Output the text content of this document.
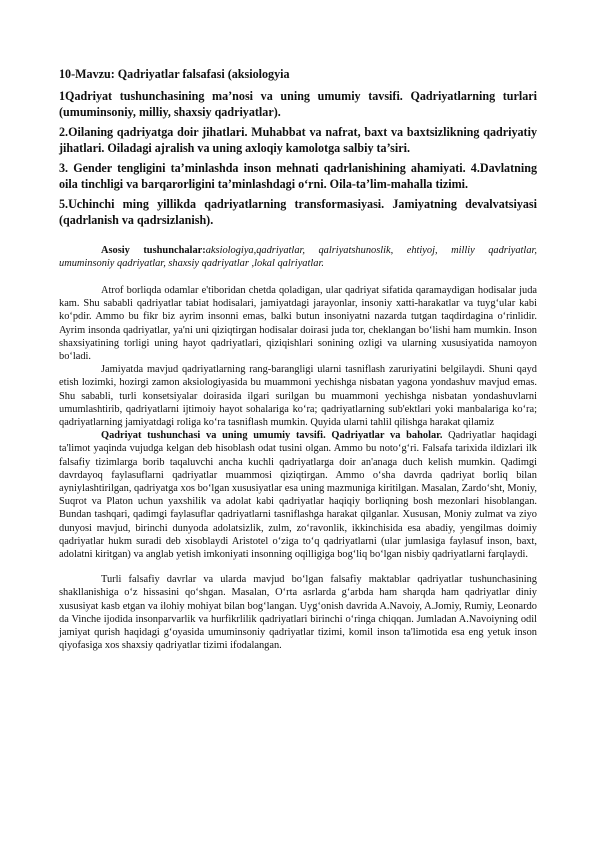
10-Mavzu: Qadriyatlar falsafasi (aksiologyia

1Qadriyat tushunchasining ma’nosi va uning umumiy tavsifi. Qadriyatlarning turlari (umuminsoniy, milliy, shaxsiy qadriyatlar).

2.Oilaning qadriyatga doir jihatlari. Muhabbat va nafrat, baxt va baxtsizlikning qadriyatiy jihatlari. Oiladagi ajralish va uning axloqiy kamolotga salbiy ta’siri.

3. Gender tengligini ta’minlashda inson mehnati qadrlanishining ahamiyati. 4.Davlatning oila tinchligi va barqarorligini ta’minlashdagi o‘rni. Oila-ta’lim-mahalla tizimi.

5.Uchinchi ming yillikda qadriyatlarning transformasiyasi. Jamiyatning devalvatsiyasi (qadrlanish va qadrsizlanish).

Asosiy tushunchalar:aksiologiya,qadriyatlar, qalriyatshunoslik, ehtiyoj, milliy qadriyatlar, umuminsoniy qadriyatlar, shaxsiy qadriyatlar ,lokal qalriyatlar.

Atrof borliqda odamlar e'tiboridan chetda qoladigan, ular qadriyat sifatida qaramaydigan hodisalar juda kam. Shu sababli qadriyatlar tabiat hodisalari, jamiyatdagi jarayonlar, insoniy xatti-harakatlar va tuyg‘ular kabi ko‘pdir. Ammo bu fikr biz ayrim insonni emas, balki butun insoniyatni nazarda tutgan taqdirdagina o‘rinlidir. Ayrim insonda qadriyatlar, ya'ni uni qiziqtirgan hodisalar doirasi juda tor, cheklangan bo‘lishi ham mumkin. Inson shaxsiyatining torligi uning hayot qadriyatlari, qiziqishlari sonining ozligi va ularning xususiyatida namoyon bo‘ladi.

Jamiyatda mavjud qadriyatlarning rang-barangligi ularni tasniflash zaruriyatini belgilaydi. Shuni qayd etish lozimki, hozirgi zamon aksiologiyasida bu muammoni yechishga nisbatan yagona yondashuv mavjud emas. Shu sababli, turli konsetsiyalar doirasida ilgari surilgan bu muammoni yechishga nisbatan yondashuvlarni umumlashtirib, qadriyatlarni ijtimoiy hayot sohalariga ko‘ra; qadriyatlarning sub'ektlari yoki manbalariga ko‘ra; qadriyatlarning jamiyatdagi roliga ko‘ra tasniflash mumkin. Quyida ularni tahlil qilishga harakat qilamiz

Qadriyat tushunchasi va uning umumiy tavsifi. Qadriyatlar va baholar. Qadriyatlar haqidagi ta'limot yaqinda vujudga kelgan deb hisoblash odat tusini olgan. Ammo bu noto‘g‘ri. Falsafa tarixida ildizlari ilk falsafiy tizimlarga borib taqaluvchi ancha kuchli qadriyatlarga doir an'anaga duch kelish mumkin. Qadimgi davrdayoq faylasuflarni qadriyatlar muammosi qiziqtirgan. Ammo o‘sha davrda qadriyat borliq bilan ayniylashtirilgan, qadriyatga xos bo‘lgan xususiyatlar esa uning mazmuniga kiritilgan. Masalan, Zardo‘sht, Moniy, Suqrot va Platon uchun yaxshilik va adolat kabi qadriyatlar haqiqiy borliqning bosh mezonlari hisoblangan. Bundan tashqari, qadimgi faylasuflar qadriyatlarni tasniflashga harakat qilganlar. Xususan, Moniy zulmat va ziyo dunyosi mavjud, birinchi dunyoda adolatsizlik, zulm, zo‘ravonlik, ikkinchisida esa abadiy, yengilmas doimiy qadriyatlar hukm suradi deb xisoblaydi Aristotel o‘ziga to‘q qadriyatlarni (ular jumlasiga faylasuf inson, baxt, adolatni kiritgan) va anglab yetish imkoniyati insonning oqilligiga bog‘liq bo‘lgan nisbiy qadriyatlarni farqlaydi.

Turli falsafiy davrlar va ularda mavjud bo‘lgan falsafiy maktablar qadriyatlar tushunchasining shakllanishiga o‘z hissasini qo‘shgan. Masalan, O‘rta asrlarda g‘arbda ham sharqda ham qadriyatlar diniy xususiyat kasb etgan va ilohiy mohiyat bilan bog‘langan. Uyg‘onish davrida A.Navoiy, A.Jomiy, Rumiy, Leonardo da Vinche ijodida insonparvarlik va hurfikrlilik qadriyatlari birinchi o‘ringa chiqqan. Jumladan A.Navoiyning odil jamiyat qurish haqidagi g‘oyasida umuminsoniy qadriyatlar tizimi, komil inson ta'limotida esa eng yetuk inson qiyofasiga xos shaxsiy qadriyatlar tizimi ifodalangan.
